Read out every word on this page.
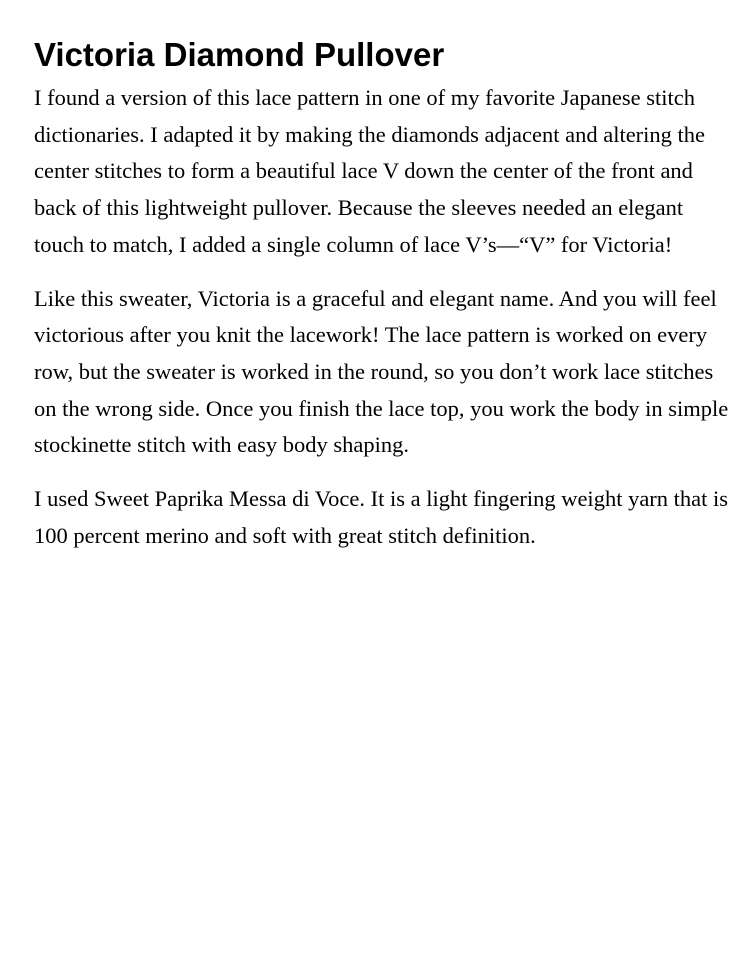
Victoria Diamond Pullover

I found a version of this lace pattern in one of my favorite Japanese stitch dictionaries. I adapted it by making the diamonds adjacent and altering the center stitches to form a beautiful lace V down the center of the front and back of this lightweight pullover. Because the sleeves needed an elegant touch to match, I added a single column of lace V’s—“V” for Victoria!

Like this sweater, Victoria is a graceful and elegant name. And you will feel victorious after you knit the lacework! The lace pattern is worked on every row, but the sweater is worked in the round, so you don’t work lace stitches on the wrong side. Once you finish the lace top, you work the body in simple stockinette stitch with easy body shaping.

I used Sweet Paprika Messa di Voce. It is a light fingering weight yarn that is 100 percent merino and soft with great stitch definition.
